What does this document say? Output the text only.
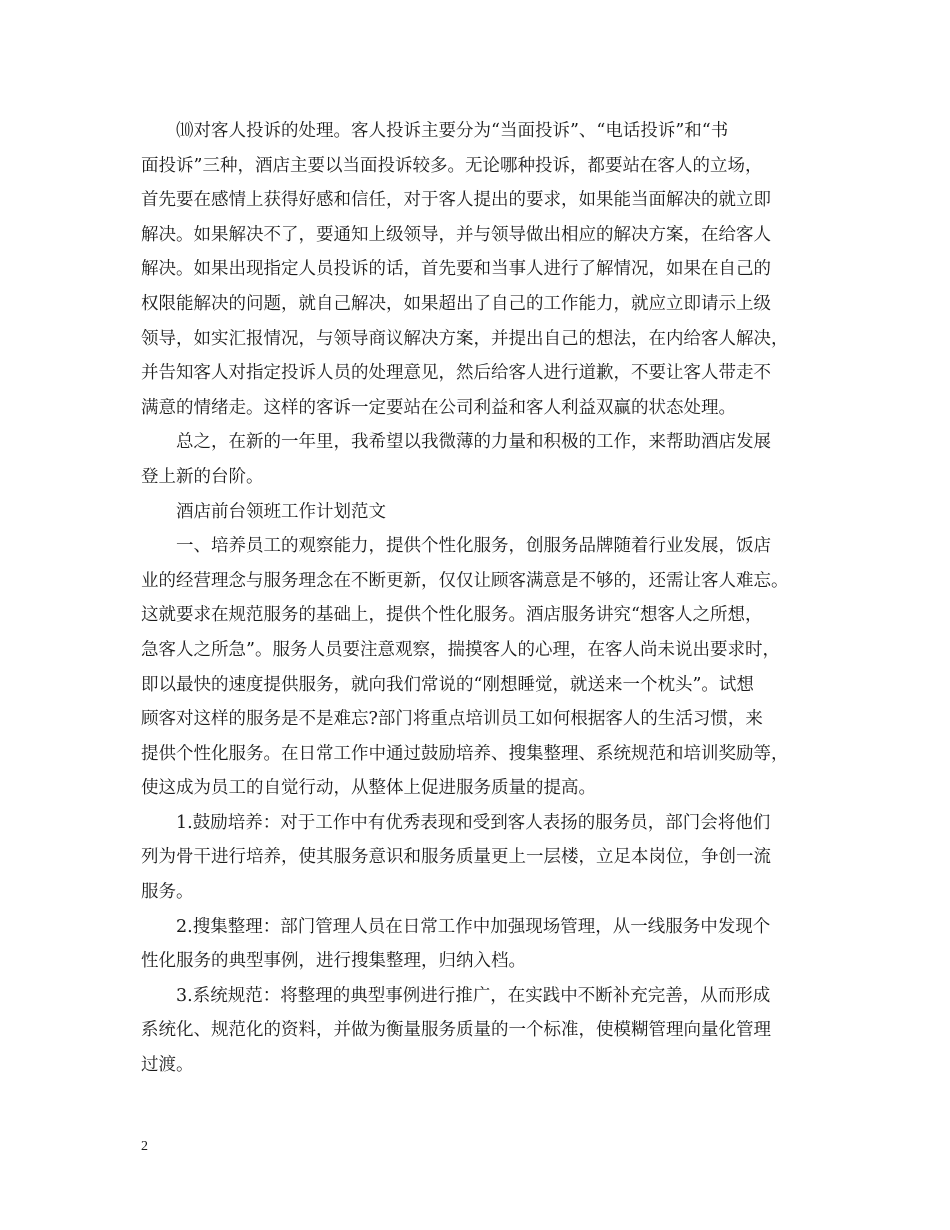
⑽对客人投诉的处理。客人投诉主要分为“当面投诉”、“电话投诉”和“书
面投诉”三种，酒店主要以当面投诉较多。无论哪种投诉，都要站在客人的立场，
首先要在感情上获得好感和信任，对于客人提出的要求，如果能当面解决的就立即
解决。如果解决不了，要通知上级领导，并与领导做出相应的解决方案，在给客人
解决。如果出现指定人员投诉的话，首先要和当事人进行了解情况，如果在自己的
权限能解决的问题，就自己解决，如果超出了自己的工作能力，就应立即请示上级
领导，如实汇报情况，与领导商议解决方案，并提出自己的想法，在内给客人解决，
并告知客人对指定投诉人员的处理意见，然后给客人进行道歉，不要让客人带走不
满意的情绪走。这样的客诉一定要站在公司利益和客人利益双赢的状态处理。
总之，在新的一年里，我希望以我微薄的力量和积极的工作，来帮助酒店发展
登上新的台阶。
酒店前台领班工作计划范文
一、培养员工的观察能力，提供个性化服务，创服务品牌随着行业发展，饭店
业的经营理念与服务理念在不断更新，仅仅让顾客满意是不够的，还需让客人难忘。
这就要求在规范服务的基础上，提供个性化服务。酒店服务讲究“想客人之所想，
急客人之所急”。服务人员要注意观察，揣摸客人的心理，在客人尚未说出要求时，
即以最快的速度提供服务，就向我们常说的“刚想睡觉，就送来一个枕头”。试想
顾客对这样的服务是不是难忘?部门将重点培训员工如何根据客人的生活习惯，来
提供个性化服务。在日常工作中通过鼓励培养、搜集整理、系统规范和培训奖励等，
使这成为员工的自觉行动，从整体上促进服务质量的提高。
1.鼓励培养：对于工作中有优秀表现和受到客人表扬的服务员，部门会将他们
列为骨干进行培养，使其服务意识和服务质量更上一层楼，立足本岗位，争创一流
服务。
2.搜集整理：部门管理人员在日常工作中加强现场管理，从一线服务中发现个
性化服务的典型事例，进行搜集整理，归纳入档。
3.系统规范：将整理的典型事例进行推广，在实践中不断补充完善，从而形成
系统化、规范化的资料，并做为衡量服务质量的一个标准，使模糊管理向量化管理
过渡。
2
